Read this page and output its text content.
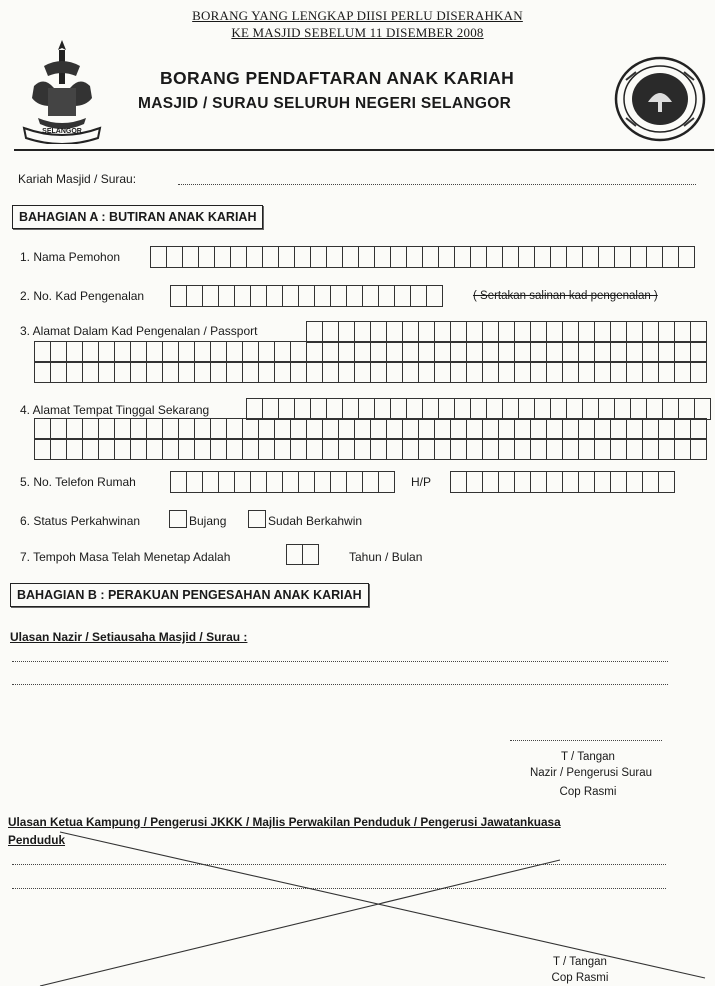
BORANG YANG LENGKAP DIISI PERLU DISERAHKAN
KE MASJID SEBELUM 11 DISEMBER 2008
SELANGOR
BORANG PENDAFTARAN ANAK KARIAH
MASJID / SURAU SELURUH NEGERI SELANGOR
Kariah Masjid / Surau:
BAHAGIAN A : BUTIRAN ANAK KARIAH
1. Nama Pemohon
2. No. Kad Pengenalan	( Sertakan salinan kad pengenalan )
3. Alamat Dalam Kad Pengenalan / Passport
4. Alamat Tempat Tinggal Sekarang
5. No. Telefon Rumah	H/P
6. Status Perkahwinan	Bujang	Sudah Berkahwin
7. Tempoh Masa Telah Menetap Adalah	Tahun / Bulan
BAHAGIAN B : PERAKUAN PENGESAHAN ANAK KARIAH
Ulasan Nazir / Setiausaha Masjid / Surau :
T / Tangan
Nazir / Pengerusi Surau
Cop Rasmi
Ulasan Ketua Kampung / Pengerusi JKKK / Majlis Perwakilan Penduduk / Pengerusi Jawatankuasa
Penduduk
T / Tangan
Cop Rasmi
